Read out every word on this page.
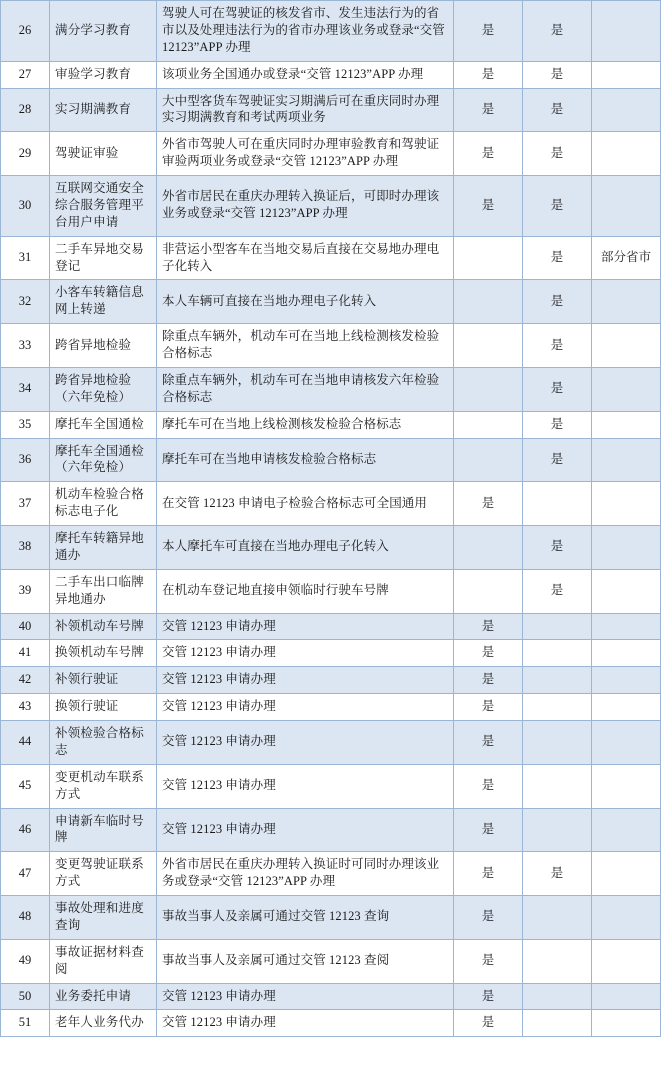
26	满分学习教育	驾驶人可在驾驶证的核发省市、发生违法行为的省市以及处理违法行为的省市办理该业务或登录“交管 12123”APP 办理	是	是	
27	审验学习教育	该项业务全国通办或登录“交管 12123”APP 办理	是	是	
28	实习期满教育	大中型客货车驾驶证实习期满后可在重庆同时办理实习期满教育和考试两项业务	是	是	
29	驾驶证审验	外省市驾驶人可在重庆同时办理审验教育和驾驶证审验两项业务或登录“交管 12123”APP 办理	是	是	
30	互联网交通安全综合服务管理平台用户申请	外省市居民在重庆办理转入换证后，可即时办理该业务或登录“交管 12123”APP 办理	是	是	
31	二手车异地交易登记	非营运小型客车在当地交易后直接在交易地办理电子化转入		是	部分省市
32	小客车转籍信息网上转递	本人车辆可直接在当地办理电子化转入		是	
33	跨省异地检验	除重点车辆外，机动车可在当地上线检测核发检验合格标志		是	
34	跨省异地检验（六年免检）	除重点车辆外，机动车可在当地申请核发六年检验合格标志		是	
35	摩托车全国通检	摩托车可在当地上线检测核发检验合格标志		是	
36	摩托车全国通检（六年免检）	摩托车可在当地申请核发检验合格标志		是	
37	机动车检验合格标志电子化	在交管 12123 申请电子检验合格标志可全国通用	是		
38	摩托车转籍异地通办	本人摩托车可直接在当地办理电子化转入		是	
39	二手车出口临牌异地通办	在机动车登记地直接申领临时行驶车号牌		是	
40	补领机动车号牌	交管 12123 申请办理	是		
41	换领机动车号牌	交管 12123 申请办理	是		
42	补领行驶证	交管 12123 申请办理	是		
43	换领行驶证	交管 12123 申请办理	是		
44	补领检验合格标志	交管 12123 申请办理	是		
45	变更机动车联系方式	交管 12123 申请办理	是		
46	申请新车临时号牌	交管 12123 申请办理	是		
47	变更驾驶证联系方式	外省市居民在重庆办理转入换证时可同时办理该业务或登录“交管 12123”APP 办理	是	是	
48	事故处理和进度查询	事故当事人及亲属可通过交管 12123 查询	是		
49	事故证据材料查阅	事故当事人及亲属可通过交管 12123 查阅	是		
50	业务委托申请	交管 12123 申请办理	是		
51	老年人业务代办	交管 12123 申请办理	是		
